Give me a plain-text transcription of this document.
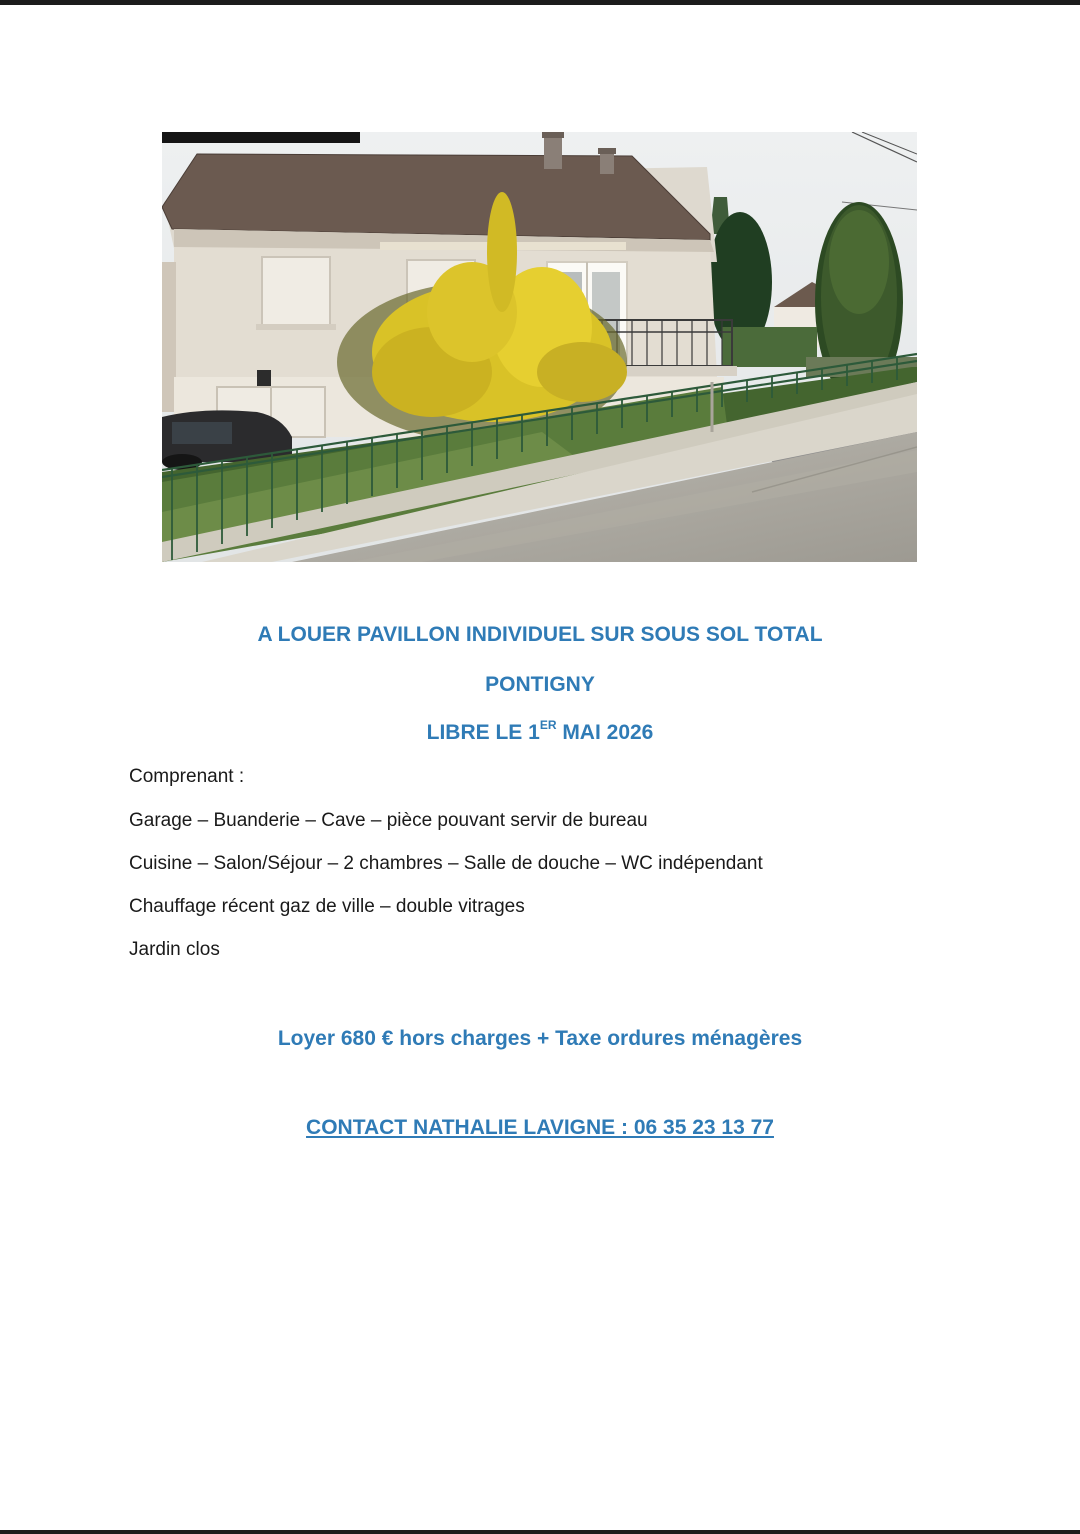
A LOUER PAVILLON INDIVIDUEL SUR SOUS SOL TOTAL

PONTIGNY

LIBRE LE 1ER MAI 2026

Comprenant :

Garage – Buanderie – Cave – pièce pouvant servir de bureau

Cuisine – Salon/Séjour – 2 chambres – Salle de douche – WC indépendant

Chauffage récent gaz de ville – double vitrages

Jardin clos

Loyer 680 € hors charges + Taxe ordures ménagères

CONTACT NATHALIE LAVIGNE : 06 35 23 13 77
